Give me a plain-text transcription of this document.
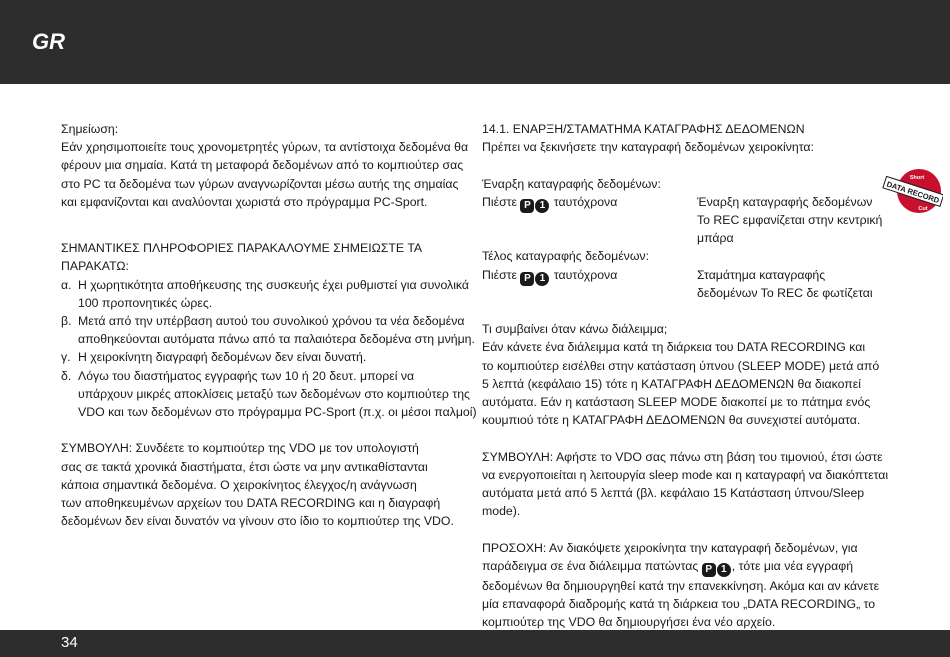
GR

Σημείωση:

Εάν χρησιμοποιείτε τους χρονομετρητές γύρων, τα αντίστοιχα δεδομένα θα

φέρουν μια σημαία. Κατά τη μεταφορά δεδομένων από το κομπιούτερ σας

στο PC τα δεδομένα των γύρων αναγνωρίζονται μέσω αυτής της σημαίας

και εμφανίζονται και αναλύονται χωριστά στο πρόγραμμα PC-Sport.

ΣΗΜΑΝΤΙΚΕΣ ΠΛΗΡΟΦΟΡΙΕΣ ΠΑΡΑΚΑΛΟΥΜΕ ΣΗΜΕΙΩΣΤΕ ΤΑ

ΠΑΡΑΚΑΤΩ:

α. Η χωρητικότητα αποθήκευσης της συσκευής έχει ρυθμιστεί για συνολικά

100 προπονητικές ώρες.

β. Μετά από την υπέρβαση αυτού του συνολικού χρόνου τα νέα δεδομένα

αποθηκεύονται αυτόματα πάνω από τα παλαιότερα δεδομένα στη μνήμη.

γ. Η χειροκίνητη διαγραφή δεδομένων δεν είναι δυνατή.

δ. Λόγω του διαστήματος εγγραφής των 10 ή 20 δευτ. μπορεί να

υπάρχουν μικρές αποκλίσεις μεταξύ των δεδομένων στο κομπιούτερ της

VDO και των δεδομένων στο πρόγραμμα PC-Sport (π.χ. οι μέσοι παλμοί)

ΣΥΜΒΟΥΛΗ: Συνδέετε το κομπιούτερ της VDO με τον υπολογιστή

σας σε τακτά χρονικά διαστήματα, έτσι ώστε να μην αντικαθίστανται

κάποια σημαντικά δεδομένα. Ο χειροκίνητος έλεγχος/η ανάγνωση

των αποθηκευμένων αρχείων του DATA RECORDING και η διαγραφή

δεδομένων δεν είναι δυνατόν να γίνουν στο ίδιο το κομπιούτερ της VDO.

14.1. ΕΝΑΡΞΗ/ΣΤΑΜΑΤΗΜΑ ΚΑΤΑΓΡΑΦΗΣ ΔΕΔΟΜΕΝΩΝ

Πρέπει να ξεκινήσετε την καταγραφή δεδομένων χειροκίνητα:

Έναρξη καταγραφής δεδομένων:

Πιέστε P 1 ταυτόχρονα	Έναρξη καταγραφής δεδομένων
Το REC εμφανίζεται στην κεντρική
μπάρα

Τέλος καταγραφής δεδομένων:

Πιέστε P 1 ταυτόχρονα	Σταμάτημα καταγραφής
δεδομένων Το REC δε φωτίζεται

Τι συμβαίνει όταν κάνω διάλειμμα;

Εάν κάνετε ένα διάλειμμα κατά τη διάρκεια του DATA RECORDING και

το κομπιούτερ εισέλθει στην κατάσταση ύπνου (SLEEP MODE) μετά από

5 λεπτά (κεφάλαιο 15) τότε η ΚΑΤΑΓΡΑΦΗ ΔΕΔΟΜΕΝΩΝ θα διακοπεί

αυτόματα. Εάν η κατάσταση SLEEP MODE διακοπεί με το πάτημα ενός

κουμπιού τότε η ΚΑΤΑΓΡΑΦΗ ΔΕΔΟΜΕΝΩΝ θα συνεχιστεί αυτόματα.

ΣΥΜΒΟΥΛΗ: Αφήστε το VDO σας πάνω στη βάση του τιμονιού, έτσι ώστε

να ενεργοποιείται η λειτουργία sleep mode και η καταγραφή να διακόπτεται

αυτόματα μετά από 5 λεπτά (βλ. κεφάλαιο 15 Κατάσταση ύπνου/Sleep

mode).

ΠΡΟΣΟΧΗ: Αν διακόψετε χειροκίνητα την καταγραφή δεδομένων, για

παράδειγμα σε ένα διάλειμμα πατώντας P 1 , τότε μια νέα εγγραφή

δεδομένων θα δημιουργηθεί κατά την επανεκκίνηση. Ακόμα και αν κάνετε

μία επαναφορά διαδρομής κατά τη διάρκεια του „DATA RECORDING„ το

κομπιούτερ της VDO θα δημιουργήσει ένα νέο αρχείο.

DATA RECORD
Short
Cut
34
